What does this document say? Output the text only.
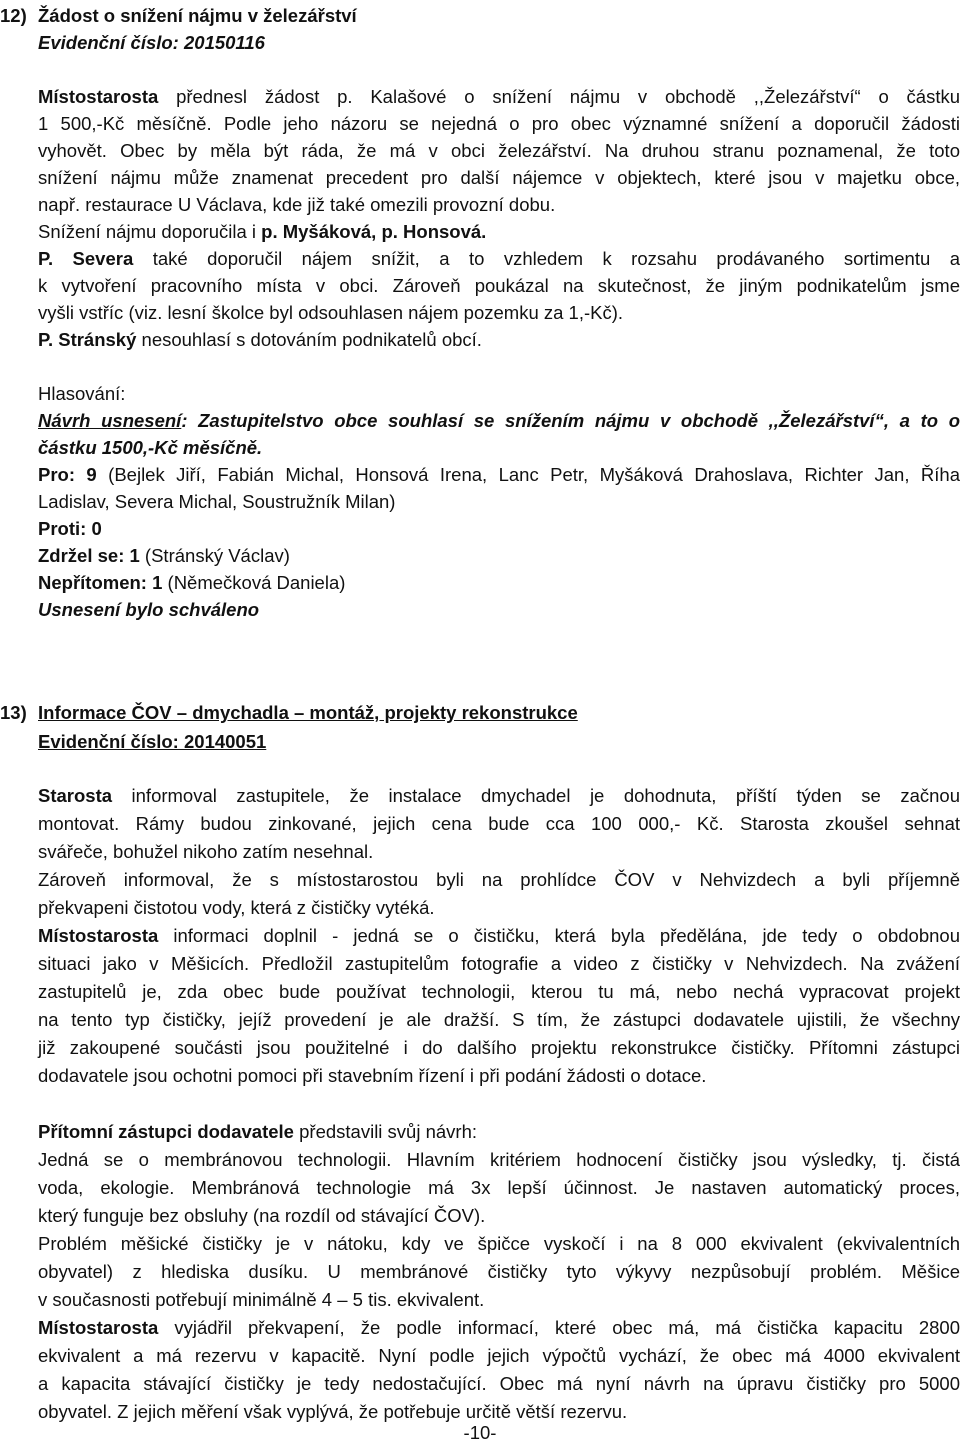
12) Žádost o snížení nájmu v železářství
Evidenční číslo: 20150116
Místostarosta přednesl žádost p. Kalašové o snížení nájmu v obchodě ,,Železářství“ o částku
1 500,-Kč měsíčně. Podle jeho názoru se nejedná o pro obec významné snížení a doporučil žádosti
vyhovět. Obec by měla být ráda, že má v obci železářství. Na druhou stranu poznamenal, že toto
snížení nájmu může znamenat precedent pro další nájemce v objektech, které jsou v majetku obce,
např. restaurace U Václava, kde již také omezili provozní dobu.
Snížení nájmu doporučila i p. Myšáková, p. Honsová.
P. Severa také doporučil nájem snížit, a to vzhledem k rozsahu prodávaného sortimentu a
k vytvoření pracovního místa v obci. Zároveň poukázal na skutečnost, že jiným podnikatelům jsme
vyšli vstříc (viz. lesní školce byl odsouhlasen nájem pozemku za 1,-Kč).
P. Stránský nesouhlasí s dotováním podnikatelů obcí.
Hlasování:
Návrh usnesení: Zastupitelstvo obce souhlasí se snížením nájmu v obchodě ,,Železářství“, a to o
částku 1500,-Kč měsíčně.
Pro: 9 (Bejlek Jiří, Fabián Michal, Honsová Irena, Lanc Petr, Myšáková Drahoslava, Richter Jan, Říha
Ladislav, Severa Michal, Soustružník Milan)
Proti: 0
Zdržel se: 1 (Stránský Václav)
Nepřítomen: 1 (Němečková Daniela)
Usnesení bylo schváleno
13) Informace ČOV – dmychadla – montáž, projekty rekonstrukce
Evidenční číslo: 20140051
Starosta informoval zastupitele, že instalace dmychadel je dohodnuta, příští týden se začnou
montovat. Rámy budou zinkované, jejich cena bude cca 100 000,- Kč. Starosta zkoušel sehnat
svářeče, bohužel nikoho zatím nesehnal.
Zároveň informoval, že s místostarostou byli na prohlídce ČOV v Nehvizdech a byli příjemně
překvapeni čistotou vody, která z čističky vytéká.
Místostarosta informaci doplnil - jedná se o čističku, která byla předělána, jde tedy o obdobnou
situaci jako v Měšicích. Předložil zastupitelům fotografie a video z čističky v Nehvizdech. Na zvážení
zastupitelů je, zda obec bude používat technologii, kterou tu má, nebo nechá vypracovat projekt
na tento typ čističky, jejíž provedení je ale dražší. S tím, že zástupci dodavatele ujistili, že všechny
již zakoupené součásti jsou použitelné i do dalšího projektu rekonstrukce čističky. Přítomni zástupci
dodavatele jsou ochotni pomoci při stavebním řízení i při podání žádosti o dotace.
Přítomní zástupci dodavatele představili svůj návrh:
Jedná se o membránovou technologii. Hlavním kritériem hodnocení čističky jsou výsledky, tj. čistá
voda, ekologie. Membránová technologie má 3x lepší účinnost. Je nastaven automatický proces,
který funguje bez obsluhy (na rozdíl od stávající ČOV).
Problém měšické čističky je v nátoku, kdy ve špičce vyskočí i na 8 000 ekvivalent (ekvivalentních
obyvatel) z hlediska dusíku. U membránové čističky tyto výkyvy nezpůsobují problém. Měšice
v současnosti potřebují minimálně 4 – 5 tis. ekvivalent.
Místostarosta vyjádřil překvapení, že podle informací, které obec má, má čistička kapacitu 2800
ekvivalent a má rezervu v kapacitě. Nyní podle jejich výpočtů vychází, že obec má 4000 ekvivalent
a kapacita stávající čističky je tedy nedostačující. Obec má nyní návrh na úpravu čističky pro 5000
obyvatel. Z jejich měření však vyplývá, že potřebuje určitě větší rezervu.
-10-
